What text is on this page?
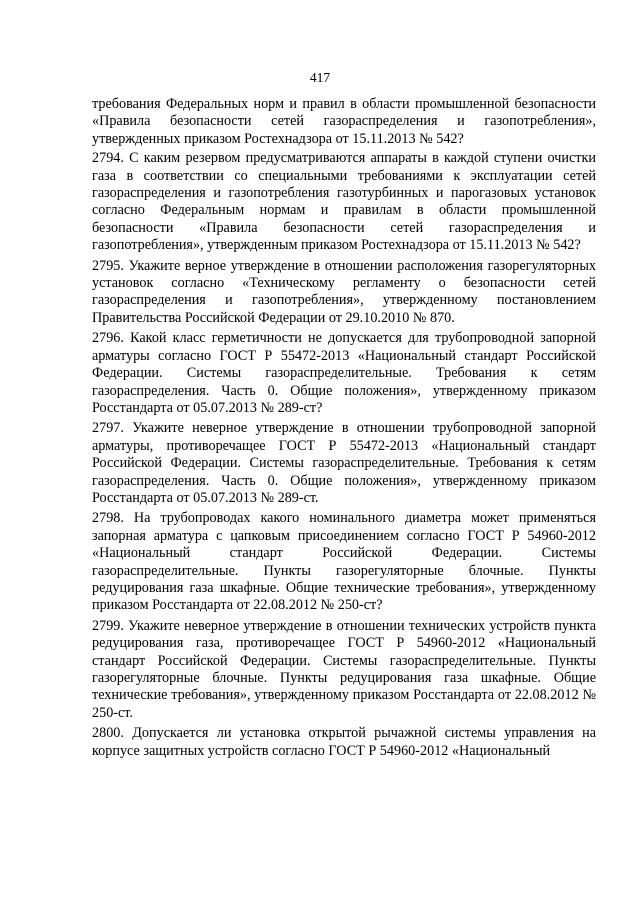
417

требования Федеральных норм и правил в области промышленной безопасности «Правила безопасности сетей газораспределения и газопотребления», утвержденных приказом Ростехнадзора от 15.11.2013 № 542?

2794. С каким резервом предусматриваются аппараты в каждой ступени очистки газа в соответствии со специальными требованиями к эксплуатации сетей газораспределения и газопотребления газотурбинных и парогазовых установок согласно Федеральным нормам и правилам в области промышленной безопасности «Правила безопасности сетей газораспределения и газопотребления», утвержденным приказом Ростехнадзора от 15.11.2013 № 542?

2795. Укажите верное утверждение в отношении расположения газорегуляторных установок согласно «Техническому регламенту о безопасности сетей газораспределения и газопотребления», утвержденному постановлением Правительства Российской Федерации от 29.10.2010 № 870.

2796. Какой класс герметичности не допускается для трубопроводной запорной арматуры согласно ГОСТ Р 55472-2013 «Национальный стандарт Российской Федерации. Системы газораспределительные. Требования к сетям газораспределения. Часть 0. Общие положения», утвержденному приказом Росстандарта от 05.07.2013 № 289-ст?

2797. Укажите неверное утверждение в отношении трубопроводной запорной арматуры, противоречащее ГОСТ Р 55472-2013 «Национальный стандарт Российской Федерации. Системы газораспределительные. Требования к сетям газораспределения. Часть 0. Общие положения», утвержденному приказом Росстандарта от 05.07.2013 № 289-ст.

2798. На трубопроводах какого номинального диаметра может применяться запорная арматура с цапковым присоединением согласно ГОСТ Р 54960-2012 «Национальный стандарт Российской Федерации. Системы газораспределительные. Пункты газорегуляторные блочные. Пункты редуцирования газа шкафные. Общие технические требования», утвержденному приказом Росстандарта от 22.08.2012 № 250-ст?

2799. Укажите неверное утверждение в отношении технических устройств пункта редуцирования газа, противоречащее ГОСТ Р 54960-2012 «Национальный стандарт Российской Федерации. Системы газораспределительные. Пункты газорегуляторные блочные. Пункты редуцирования газа шкафные. Общие технические требования», утвержденному приказом Росстандарта от 22.08.2012 № 250-ст.

2800. Допускается ли установка открытой рычажной системы управления на корпусе защитных устройств согласно ГОСТ Р 54960-2012 «Национальный
